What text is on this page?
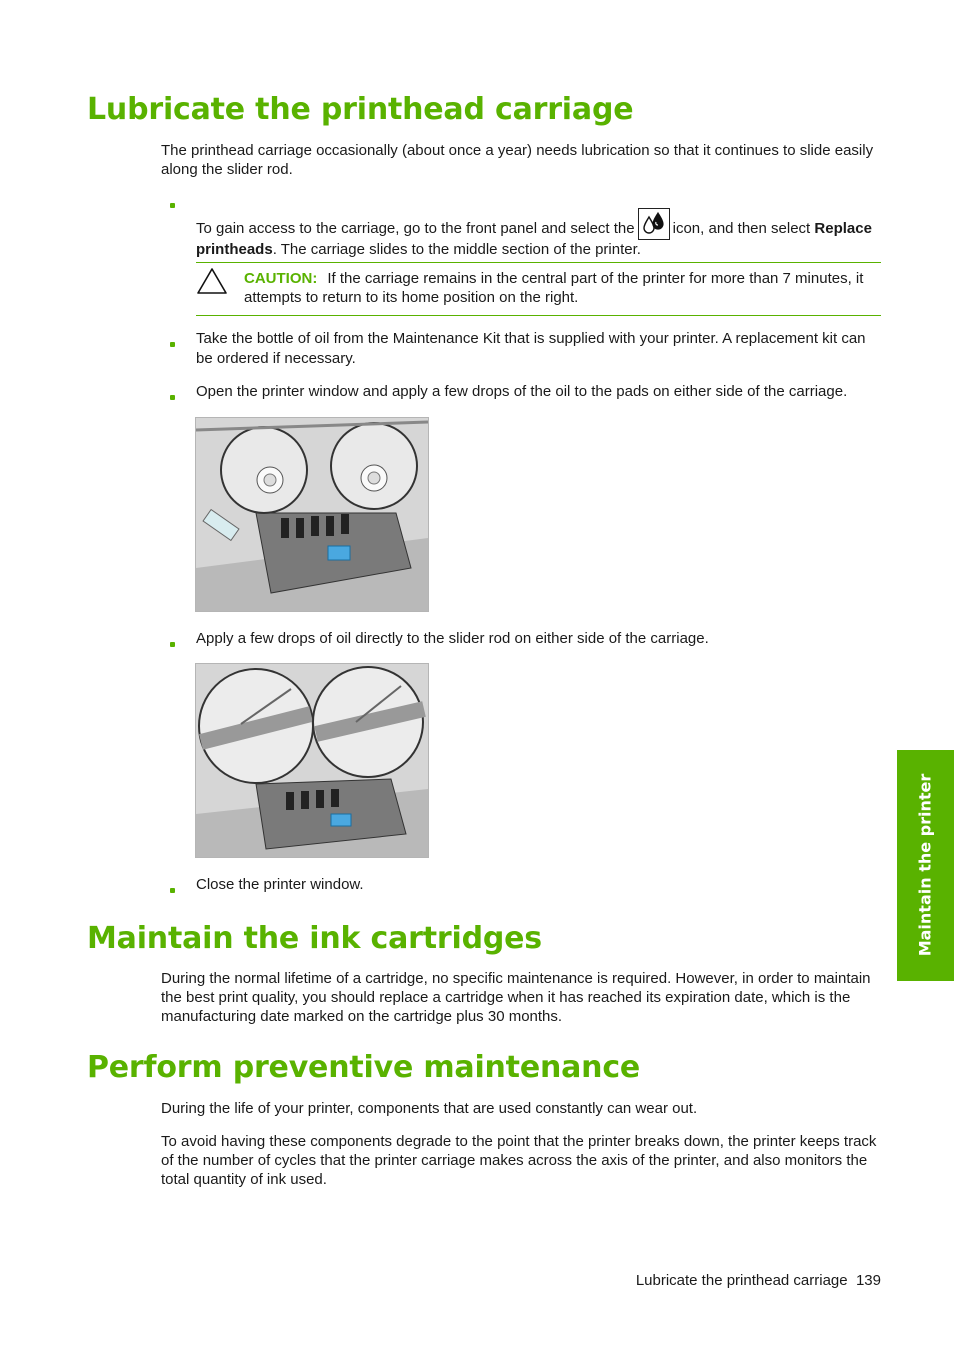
Lubricate the printhead carriage

The printhead carriage occasionally (about once a year) needs lubrication so that it continues to slide easily along the slider rod.

To gain access to the carriage, go to the front panel and select the	icon, and then select Replace printheads. The carriage slides to the middle section of the printer.

CAUTION: If the carriage remains in the central part of the printer for more than 7 minutes, it attempts to return to its home position on the right.

Take the bottle of oil from the Maintenance Kit that is supplied with your printer. A replacement kit can be ordered if necessary.

Open the printer window and apply a few drops of the oil to the pads on either side of the carriage.

Apply a few drops of oil directly to the slider rod on either side of the carriage.

Close the printer window.

Maintain the ink cartridges

During the normal lifetime of a cartridge, no specific maintenance is required. However, in order to maintain the best print quality, you should replace a cartridge when it has reached its expiration date, which is the manufacturing date marked on the cartridge plus 30 months.

Perform preventive maintenance

During the life of your printer, components that are used constantly can wear out.

To avoid having these components degrade to the point that the printer breaks down, the printer keeps track of the number of cycles that the printer carriage makes across the axis of the printer, and also monitors the total quantity of ink used.

Maintain the printer
Lubricate the printhead carriage 139
